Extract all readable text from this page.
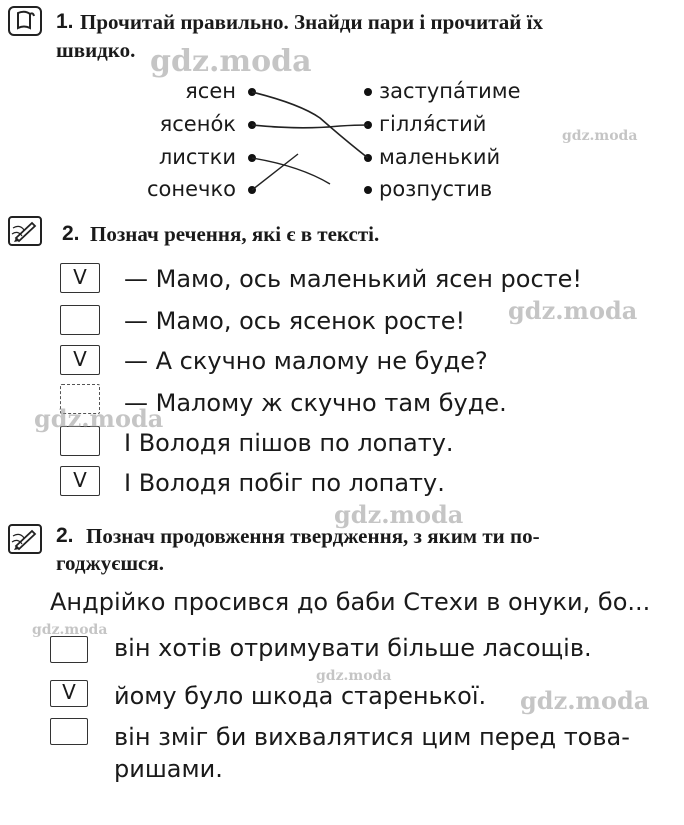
1. Прочитай правильно. Знайди пари і прочитай їх
швидко.
ясен
ясенóк
листки
сонечко
заступáтиме
гілля́стий
маленький
розпустив
2. Познач речення, які є в тексті.
V	— Мамо, ось маленький ясен росте!
— Мамо, ось ясенок росте!
V	— А скучно малому не буде?
— Малому ж скучно там буде.
І Володя пішов по лопату.
V	І Володя побіг по лопату.
2. Познач продовження твердження, з яким ти по-
годжуєшся.
Андрійко просився до баби Стехи в онуки, бо...
він хотів отримувати більше ласощів.
V	йому було шкода старенької.
він зміг би вихвалятися цим перед това-
ришами.
gdz.moda
gdz.moda
gdz.moda
gdz.moda
gdz.moda
gdz.moda
gdz.moda
gdz.moda
